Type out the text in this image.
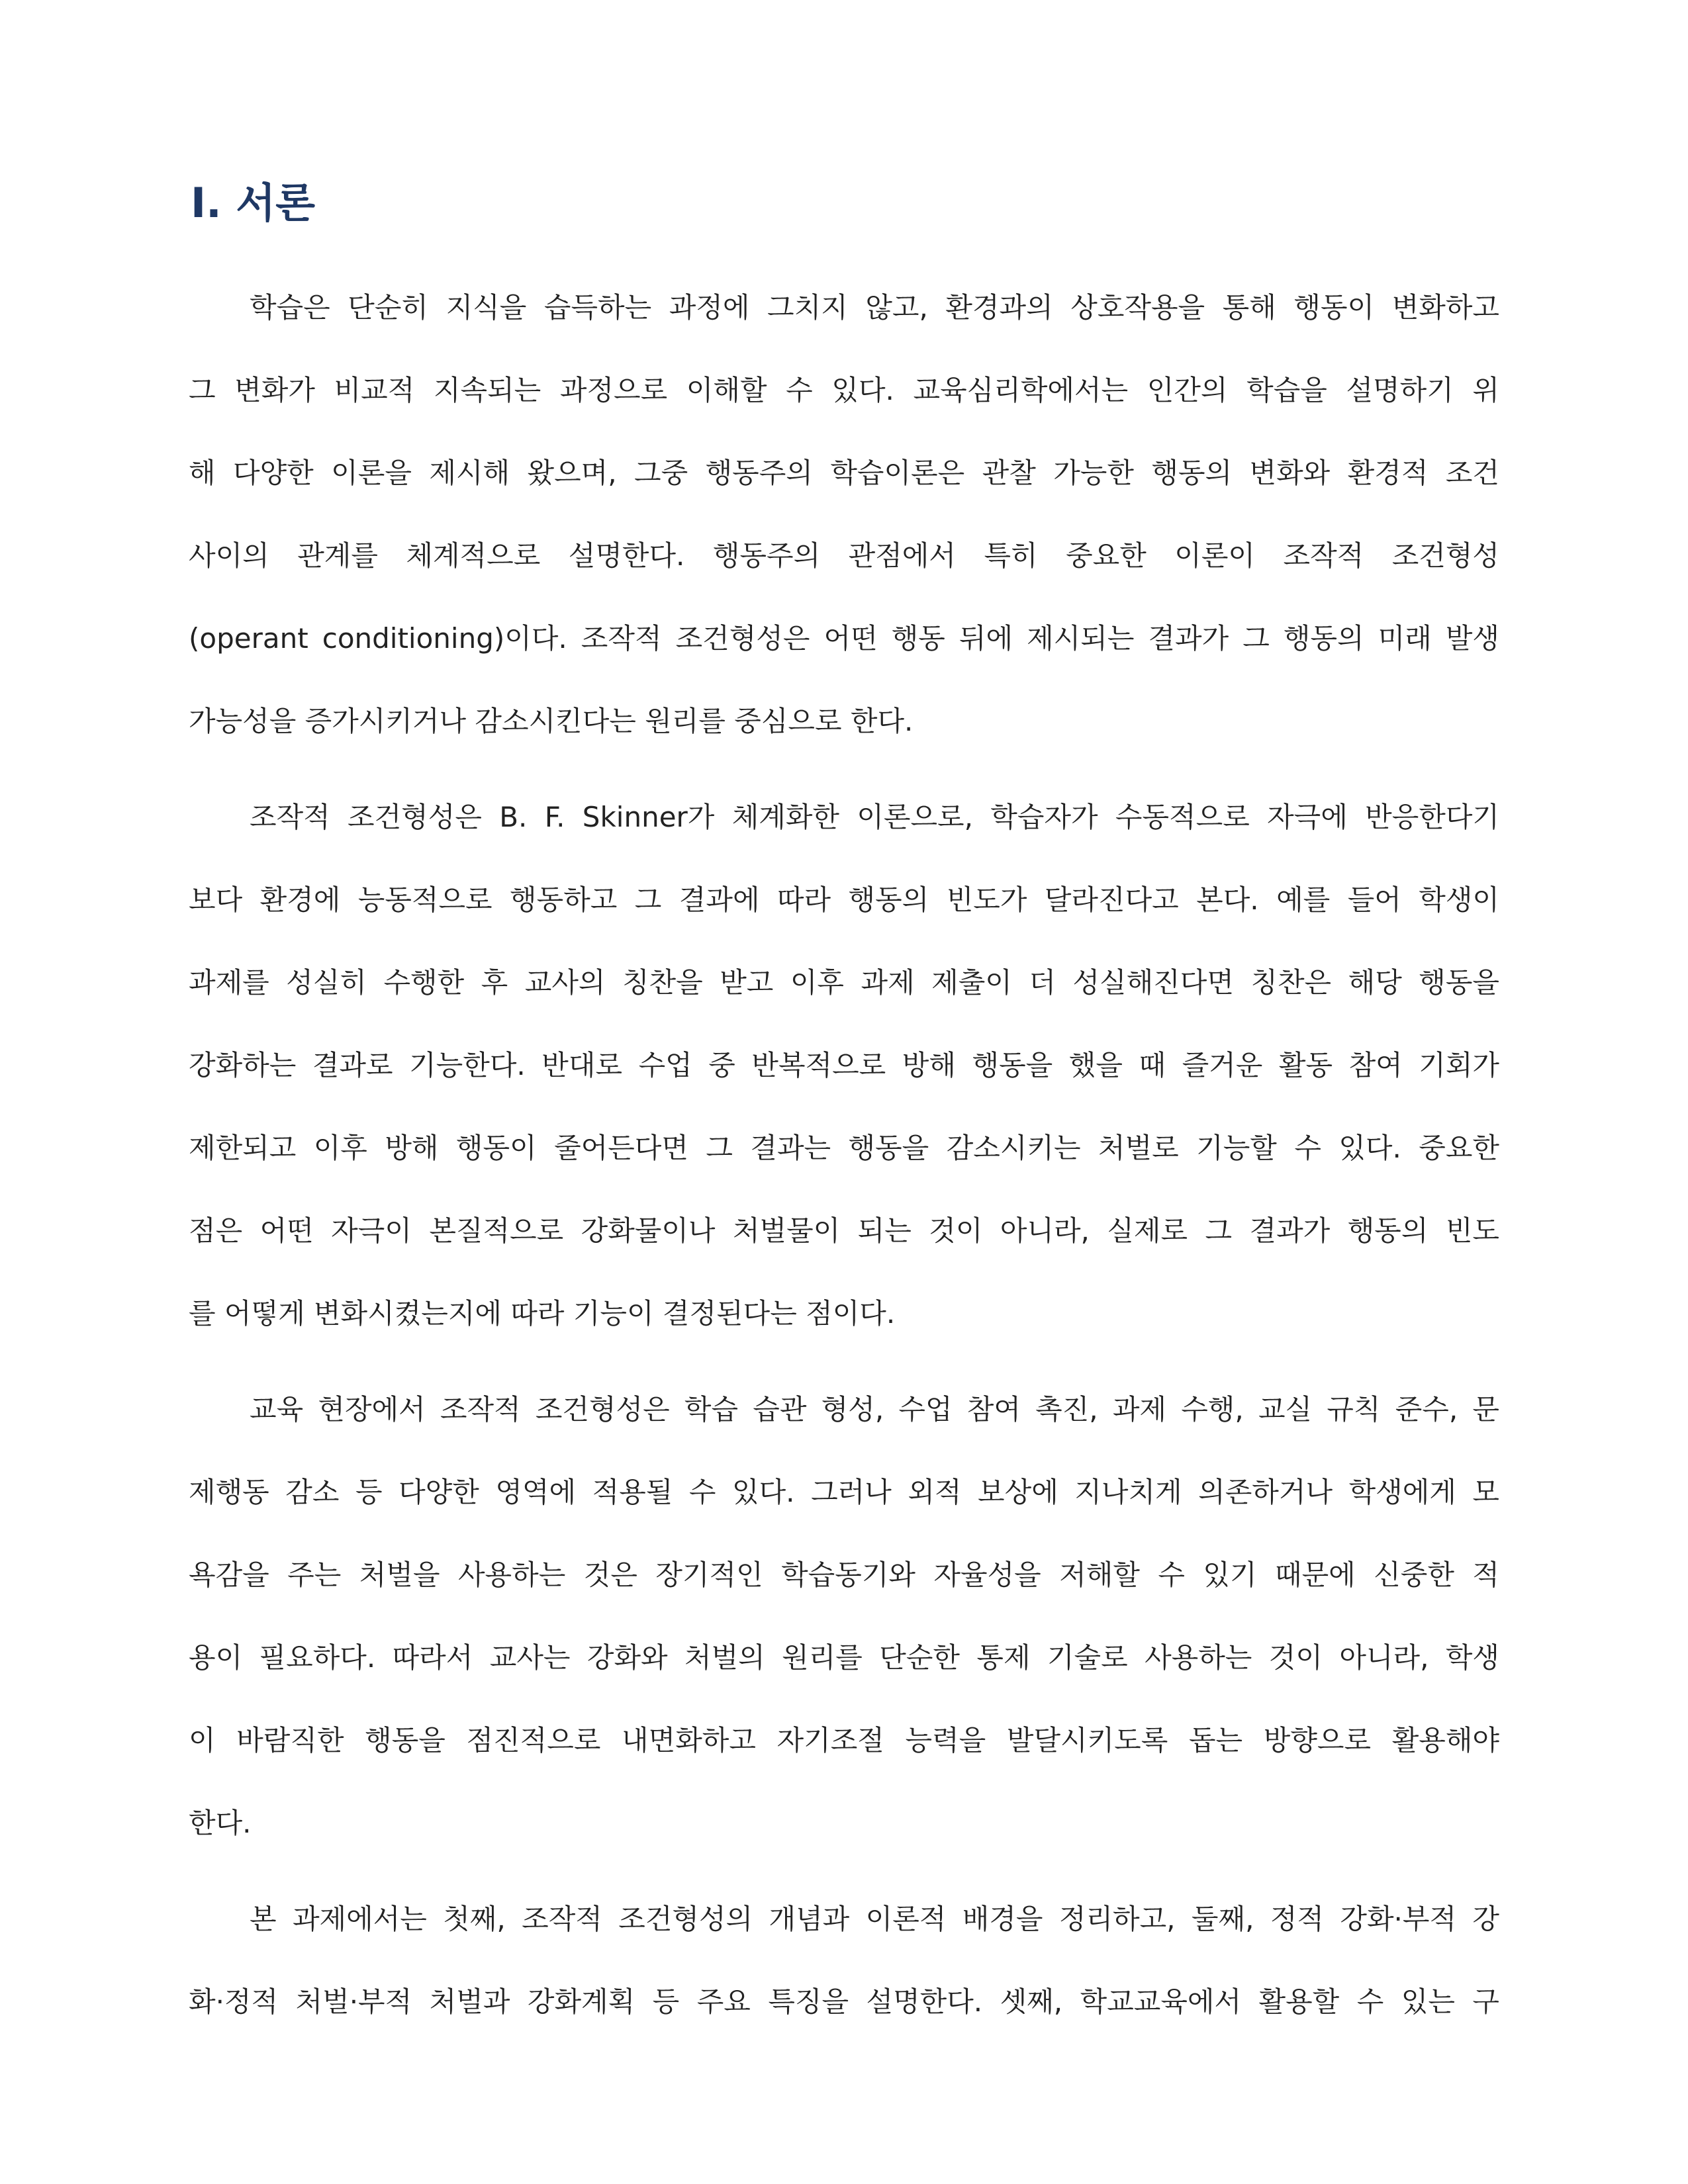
Ⅰ. 서론

학습은 단순히 지식을 습득하는 과정에 그치지 않고, 환경과의 상호작용을 통해 행동이 변화하고
그 변화가 비교적 지속되는 과정으로 이해할 수 있다. 교육심리학에서는 인간의 학습을 설명하기 위
해 다양한 이론을 제시해 왔으며, 그중 행동주의 학습이론은 관찰 가능한 행동의 변화와 환경적 조건
사이의 관계를 체계적으로 설명한다. 행동주의 관점에서 특히 중요한 이론이 조작적 조건형성
(operant conditioning)이다. 조작적 조건형성은 어떤 행동 뒤에 제시되는 결과가 그 행동의 미래 발생
가능성을 증가시키거나 감소시킨다는 원리를 중심으로 한다.

조작적 조건형성은 B. F. Skinner가 체계화한 이론으로, 학습자가 수동적으로 자극에 반응한다기
보다 환경에 능동적으로 행동하고 그 결과에 따라 행동의 빈도가 달라진다고 본다. 예를 들어 학생이
과제를 성실히 수행한 후 교사의 칭찬을 받고 이후 과제 제출이 더 성실해진다면 칭찬은 해당 행동을
강화하는 결과로 기능한다. 반대로 수업 중 반복적으로 방해 행동을 했을 때 즐거운 활동 참여 기회가
제한되고 이후 방해 행동이 줄어든다면 그 결과는 행동을 감소시키는 처벌로 기능할 수 있다. 중요한
점은 어떤 자극이 본질적으로 강화물이나 처벌물이 되는 것이 아니라, 실제로 그 결과가 행동의 빈도
를 어떻게 변화시켰는지에 따라 기능이 결정된다는 점이다.

교육 현장에서 조작적 조건형성은 학습 습관 형성, 수업 참여 촉진, 과제 수행, 교실 규칙 준수, 문
제행동 감소 등 다양한 영역에 적용될 수 있다. 그러나 외적 보상에 지나치게 의존하거나 학생에게 모
욕감을 주는 처벌을 사용하는 것은 장기적인 학습동기와 자율성을 저해할 수 있기 때문에 신중한 적
용이 필요하다. 따라서 교사는 강화와 처벌의 원리를 단순한 통제 기술로 사용하는 것이 아니라, 학생
이 바람직한 행동을 점진적으로 내면화하고 자기조절 능력을 발달시키도록 돕는 방향으로 활용해야
한다.

본 과제에서는 첫째, 조작적 조건형성의 개념과 이론적 배경을 정리하고, 둘째, 정적 강화·부적 강
화·정적 처벌·부적 처벌과 강화계획 등 주요 특징을 설명한다. 셋째, 학교교육에서 활용할 수 있는 구
